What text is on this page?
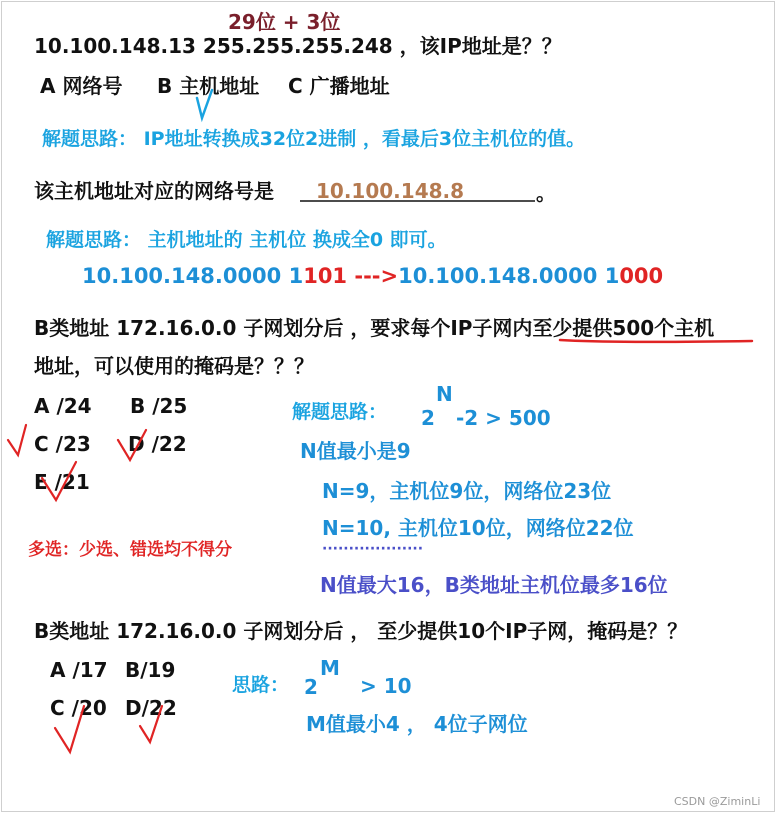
29位 + 3位
10.100.148.13 255.255.255.248 ，该IP地址是？？
A 网络号 B 主机地址 C 广播地址
解题思路： IP地址转换成32位2进制 ，看最后3位主机位的值。
该主机地址对应的网络号是 10.100.148.8	。
解题思路： 主机地址的 主机位 换成全0 即可。
10.100.148.0000 1101 --->10.100.148.0000 1000
B类地址 172.16.0.0 子网划分后 ，要求每个IP子网内至少提供500个主机
地址，可以使用的掩码是？？？
A /24 B /25
C /23 D /22
E /21
多选：少选、错选均不得分
解题思路： 2
N
-2 > 500
N值最小是9
N=9，主机位9位，网络位23位
N=10, 主机位10位，网络位22位
···················
N值最大16，B类地址主机位最多16位
B类地址 172.16.0.0 子网划分后 ， 至少提供10个IP子网，掩码是？？
A /17 B/19
C /20 D/22
思路： 2
M
> 10
M值最小4 ， 4位子网位
CSDN @ZiminLi
